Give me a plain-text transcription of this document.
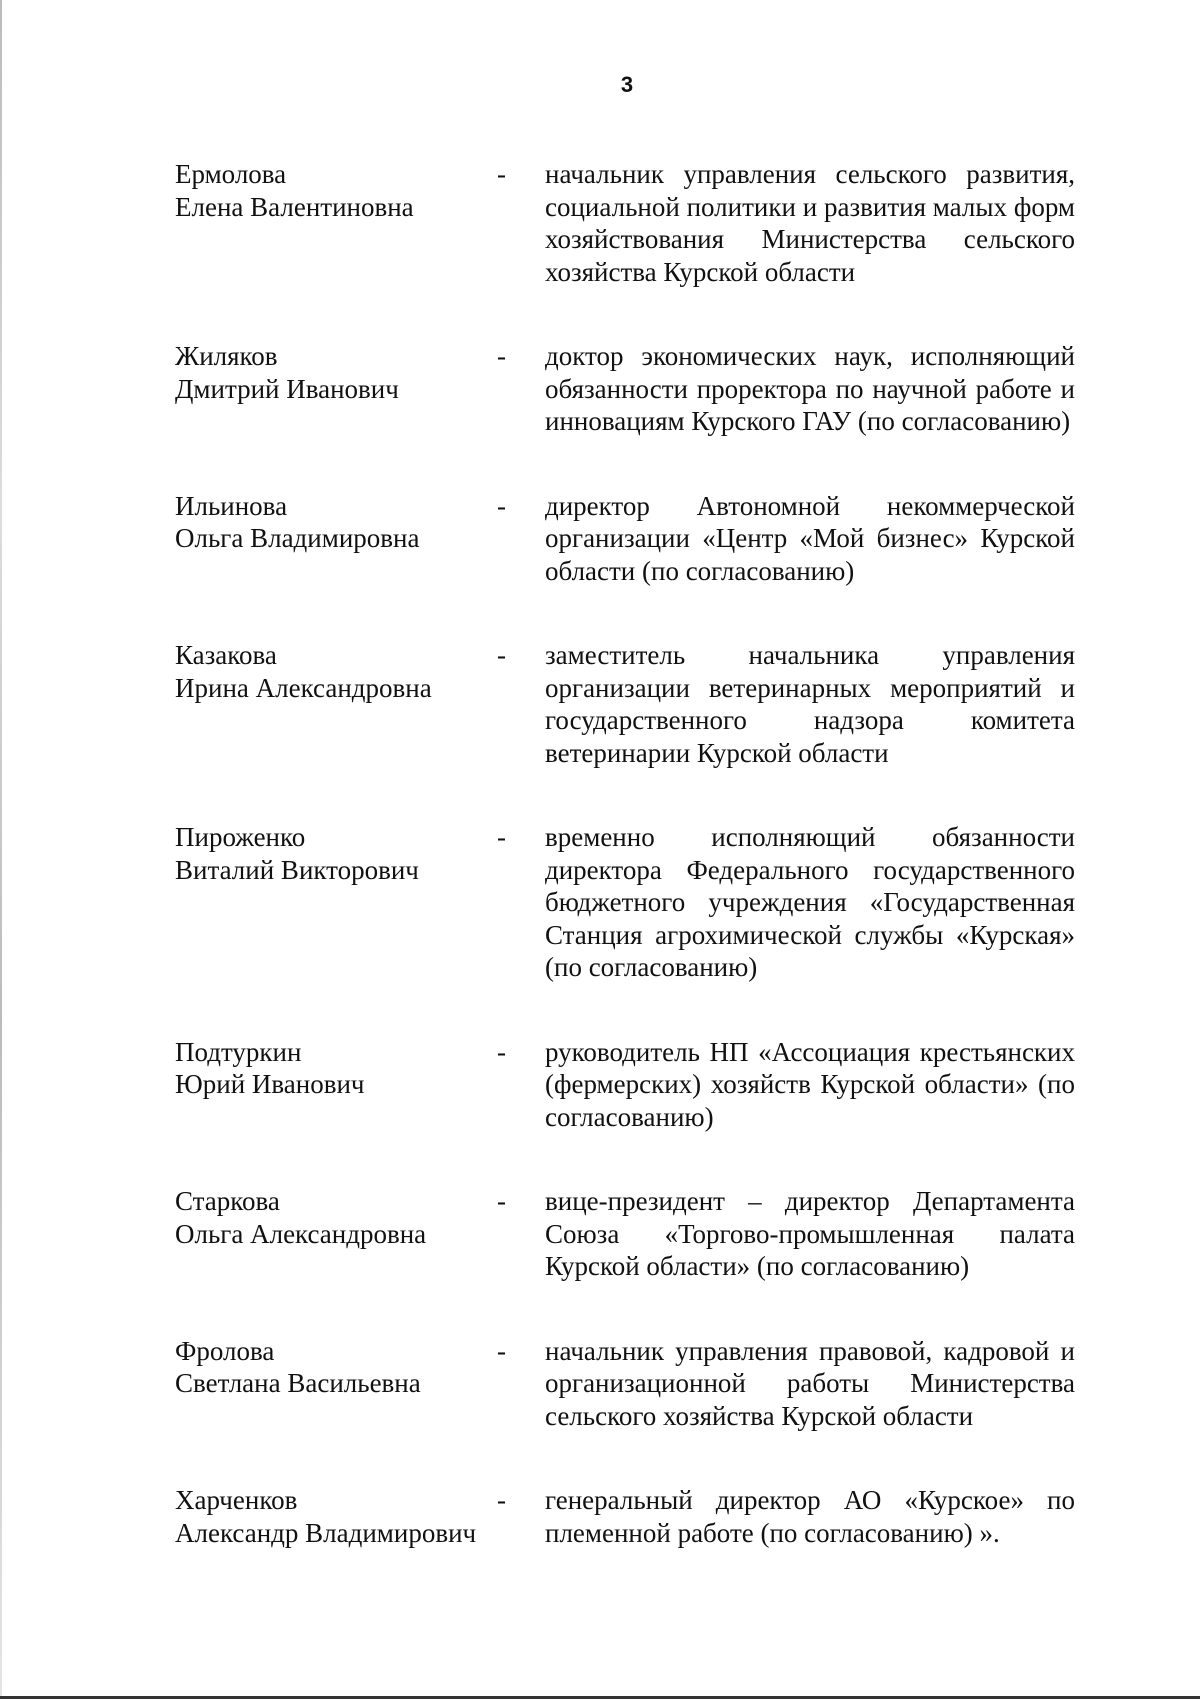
3
Ермолова
Елена Валентиновна
- начальник управления сельского развития, социальной политики и развития малых форм хозяйствования Министерства сельского хозяйства Курской области
Жиляков
Дмитрий Иванович
- доктор экономических наук, исполняющий обязанности проректора по научной работе и инновациям Курского ГАУ (по согласованию)
Ильинова
Ольга Владимировна
- директор Автономной некоммерческой организации «Центр «Мой бизнес» Курской области (по согласованию)
Казакова
Ирина Александровна
- заместитель начальника управления организации ветеринарных мероприятий и государственного надзора комитета ветеринарии Курской области
Пироженко
Виталий Викторович
- временно исполняющий обязанности директора Федерального государственного бюджетного учреждения «Государственная Станция агрохимической службы «Курская» (по согласованию)
Подтуркин
Юрий Иванович
- руководитель НП «Ассоциация крестьянских (фермерских) хозяйств Курской области» (по согласованию)
Старкова
Ольга Александровна
- вице-президент – директор Департамента Союза «Торгово-промышленная палата Курской области» (по согласованию)
Фролова
Светлана Васильевна
- начальник управления правовой, кадровой и организационной работы Министерства сельского хозяйства Курской области
Харченков
Александр Владимирович
- генеральный директор АО «Курское» по племенной работе (по согласованию) ».
